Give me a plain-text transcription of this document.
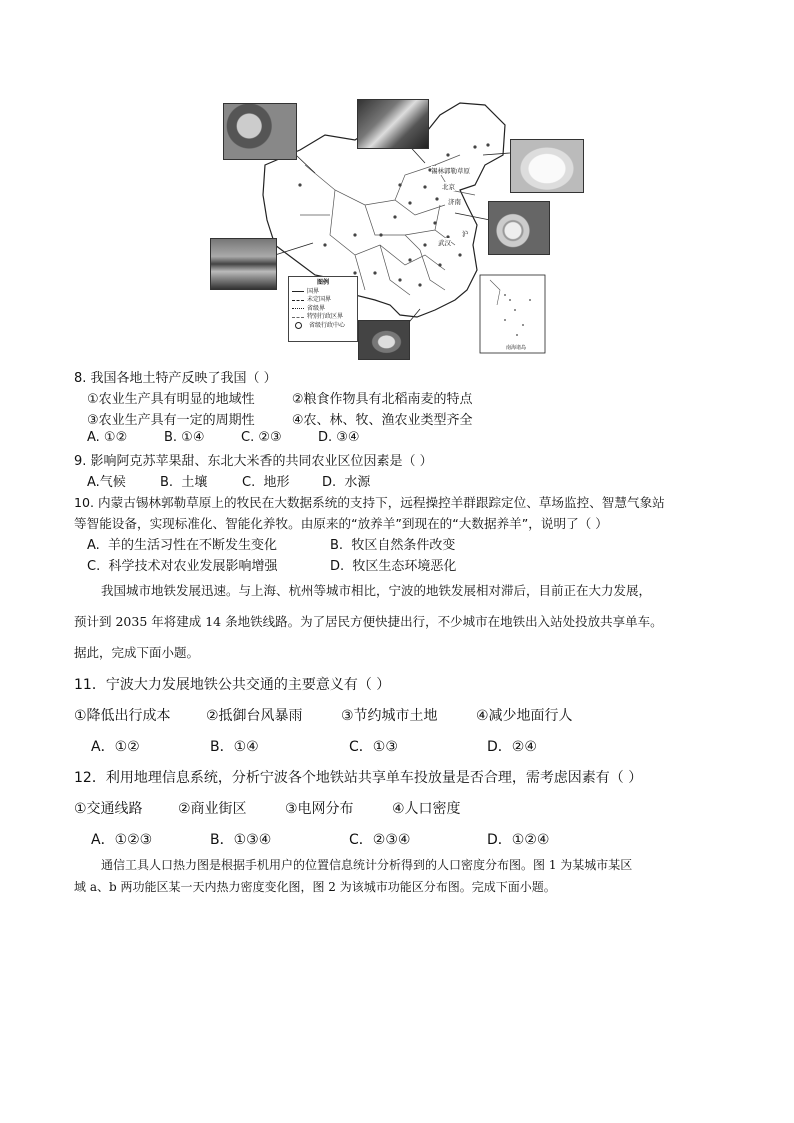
锡林郭勒草原
北京
济南
沪
武汉
南海诸岛
图例
国界
未定国界
省级界
特别行政区界
省级行政中心
8. 我国各地土特产反映了我国（ ）
①农业生产具有明显的地域性         ②粮食作物具有北稻南麦的特点
③农业生产具有一定的周期性         ④农、林、牧、渔农业类型齐全
A. ①②	B. ①④	C. ②③	D. ③④
9. 影响阿克苏苹果甜、东北大米香的共同农业区位因素是（ ）
A.气候	B.  土壤	C.  地形	D.  水源
10. 内蒙古锡林郭勒草原上的牧民在大数据系统的支持下，远程操控羊群跟踪定位、草场监控、智慧气象站
等智能设备，实现标准化、智能化养牧。由原来的“放养羊”到现在的“大数据养羊”，说明了（ ）
A.  羊的生活习性在不断发生变化	B.  牧区自然条件改变
C.  科学技术对农业发展影响增强	D.  牧区生态环境恶化
我国城市地铁发展迅速。与上海、杭州等城市相比，宁波的地铁发展相对滞后，目前正在大力发展，
预计到 2035 年将建成 14 条地铁线路。为了居民方便快捷出行，不少城市在地铁出入站处投放共享单车。
据此，完成下面小题。
11．宁波大力发展地铁公共交通的主要意义有（ ）
①降低出行成本	②抵御台风暴雨	③节约城市土地	④减少地面行人
A．①②	B．①④	C．①③	D．②④
12．利用地理信息系统，分析宁波各个地铁站共享单车投放量是否合理，需考虑因素有（ ）
①交通线路	②商业街区	③电网分布	④人口密度
A．①②③	B．①③④	C．②③④	D．①②④
通信工具人口热力图是根据手机用户的位置信息统计分析得到的人口密度分布图。图 1 为某城市某区
域 a、b 两功能区某一天内热力密度变化图，图 2 为该城市功能区分布图。完成下面小题。
